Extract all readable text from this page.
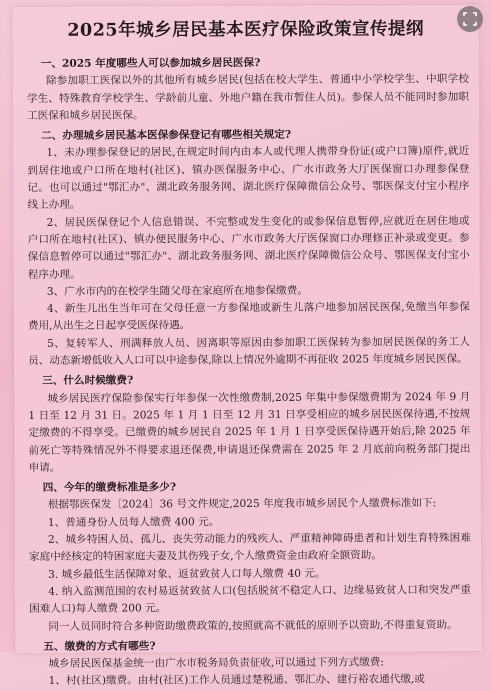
2025年城乡居民基本医疗保险政策宣传提纲
一、2025 年度哪些人可以参加城乡居民医保?

除参加职工医保以外的其他所有城乡居民(包括在校大学生、普通中小学校学生、中职学校学生、特殊教育学校学生、学龄前儿童、外地户籍在我市暂住人员)。参保人员不能同时参加职工医保和城乡居民医保。

二、办理城乡居民基本医保参保登记有哪些相关规定?

1、未办理参保登记的居民,在规定时间内由本人或代理人携带身份证(或户口簿)原件,就近到居住地或户口所在地村(社区)、镇办医保服务中心、广水市政务大厅医保窗口办理参保登记。也可以通过"鄂汇办"、湖北政务服务网、湖北医疗保障微信公众号、鄂医保支付宝小程序线上办理。

2、居民医保登记个人信息错误、不完整或发生变化的或参保信息暂停,应就近在居住地或户口所在地村(社区)、镇办便民服务中心、广水市政务大厅医保窗口办理修正补录或变更。参保信息暂停可以通过"鄂汇办"、湖北政务服务网、湖北医疗保障微信公众号、鄂医保支付宝小程序办理。

3、广水市内的在校学生随父母在家庭所在地参保缴费。

4、新生儿出生当年可在父母任意一方参保地或新生儿落户地参加居民医保,免缴当年参保费用,从出生之日起享受医保待遇。

5、复转军人、刑满释放人员、因离职等原因由参加职工医保转为参加居民医保的务工人员、动态新增低收入人口可以中途参保,除以上情况外逾期不再征收 2025 年度城乡居民医保。

三、什么时候缴费?

城乡居民医疗保险参保实行年参保一次性缴费制,2025 年集中参保缴费期为 2024 年 9 月 1 日至 12 月 31 日。2025 年 1 月 1 日至 12 月 31 日享受相应的城乡居民医保待遇,不按规定缴费的不得享受。已缴费的城乡居民自 2025 年 1 月 1 日享受医保待遇开始后,除 2025 年前死亡等特殊情况外不得要求退还保费,申请退还保费需在 2025 年 2 月底前向税务部门提出申请。

四、今年的缴费标准是多少?

根据鄂医保发〔2024〕36 号文件规定,2025 年度我市城乡居民个人缴费标准如下:

1、普通身份人员每人缴费 400 元。

2、城乡特困人员、孤儿、丧失劳动能力的残疾人、严重精神障碍患者和计划生育特殊困难家庭中经核定的特困家庭夫妻及其伤残子女,个人缴费资金由政府全额资助。

3. 城乡最低生活保障对象、返贫致贫人口每人缴费 40 元。

4. 纳入监测范围的农村易返贫致贫人口(包括脱贫不稳定人口、边缘易致贫人口和突发严重困难人口)每人缴费 200 元。

同一人员同时符合多种资助缴费政策的,按照就高不就低的原则予以资助,不得重复资助。

五、缴费的方式有哪些?

城乡居民医保基金统一由广水市税务局负责征收,可以通过下列方式缴费:

1、村(社区)缴费。由村(社区)工作人员通过楚税通、鄂汇办、建行裕农通代缴,或
